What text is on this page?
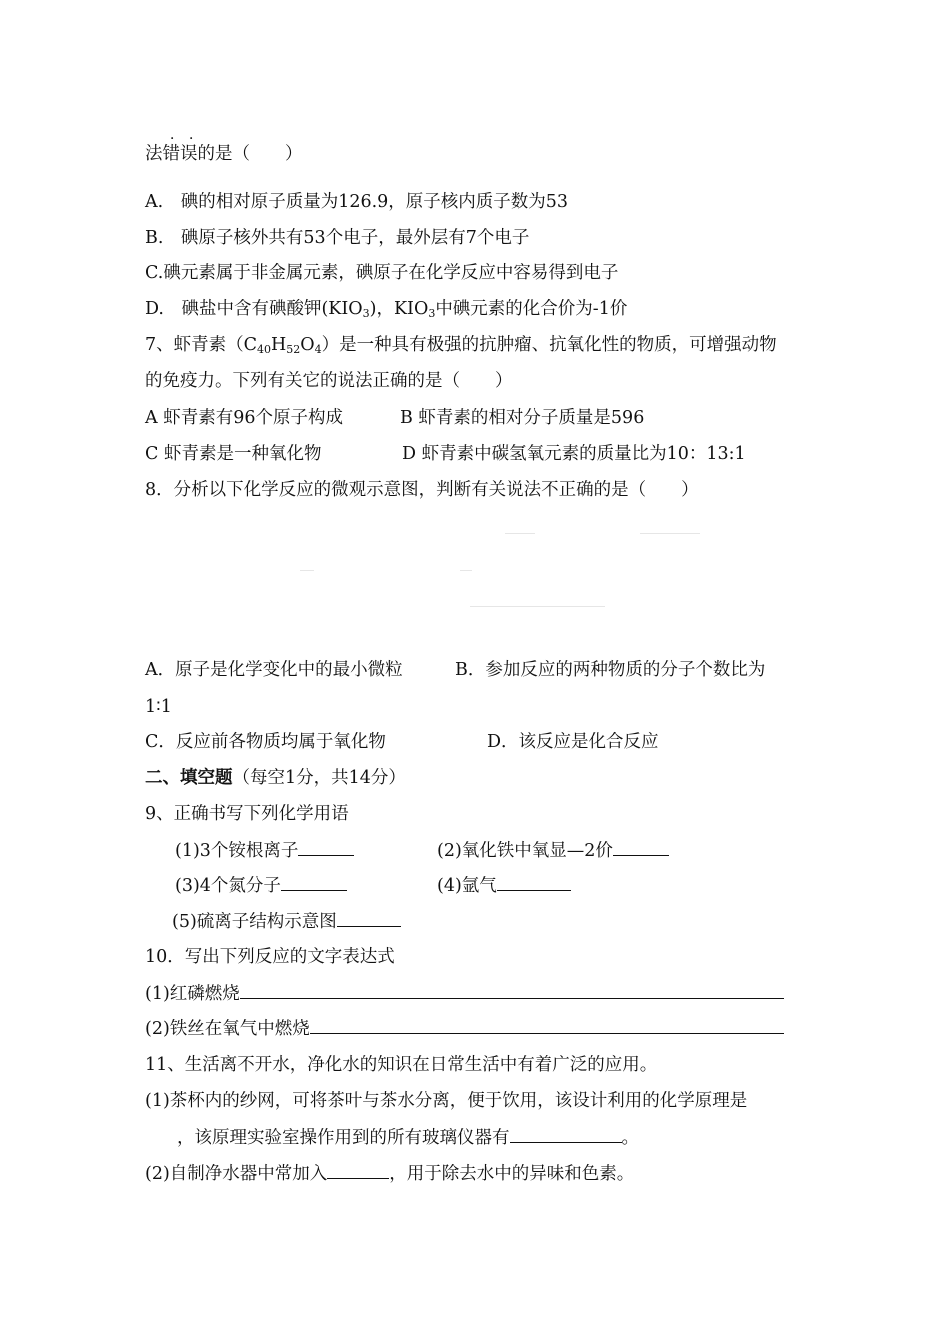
．．
法错误的是（　　）
A.　碘的相对原子质量为126.9，原子核内质子数为53
B.　碘原子核外共有53个电子，最外层有7个电子
C.碘元素属于非金属元素，碘原子在化学反应中容易得到电子
D.　碘盐中含有碘酸钾$(KIO_3)$，$KIO_3$中碘元素的化合价为-1价
7、虾青素$(C_{40}H_{52}O_4)$是一种具有极强的抗肿瘤、抗氧化性的物质，可增强动物
的免疫力。下列有关它的说法正确的是（　　）
A 虾青素有96个原子构成	B 虾青素的相对分子质量是596
C 虾青素是一种氧化物	D 虾青素中碳氢氧元素的质量比为10：13:1
8．分析以下化学反应的微观示意图，判断有关说法不正确的是（　　）
A．原子是化学变化中的最小微粒	B．参加反应的两种物质的分子个数比为
1∶1
C．反应前各物质均属于氧化物	D．该反应是化合反应
二、填空题（每空1分，共14分）
9、正确书写下列化学用语
(1)3个铵根离子	(2)氧化铁中氧显—2价
(3)4个氮分子	(4)氩气
(5)硫离子结构示意图
10．写出下列反应的文字表达式
(1)红磷燃烧
(2)铁丝在氧气中燃烧
11、生活离不开水，净化水的知识在日常生活中有着广泛的应用。
(1)茶杯内的纱网，可将茶叶与茶水分离，便于饮用，该设计利用的化学原理是
，该原理实验室操作用到的所有玻璃仪器有	。
(2)自制净水器中常加入	，用于除去水中的异味和色素。
